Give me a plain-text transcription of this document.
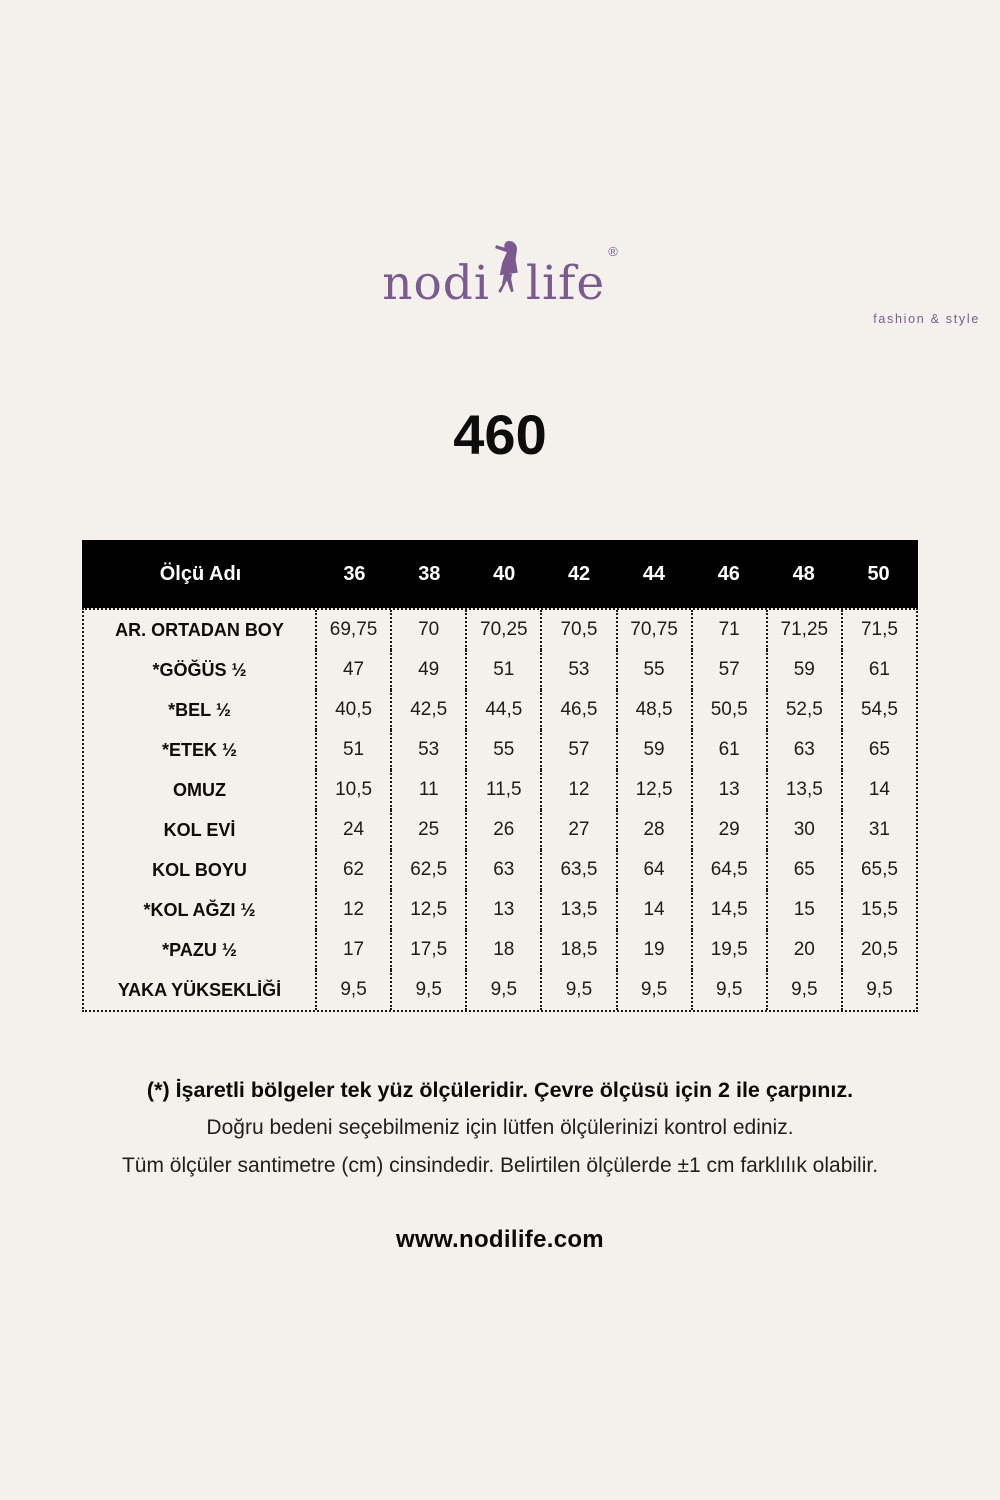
nodi life
®
fashion & style
460
Ölçü Adı	36	38	40	42	44	46	48	50
AR. ORTADAN BOY	69,75	70	70,25	70,5	70,75	71	71,25	71,5
*GÖĞÜS ½	47	49	51	53	55	57	59	61
*BEL ½	40,5	42,5	44,5	46,5	48,5	50,5	52,5	54,5
*ETEK ½	51	53	55	57	59	61	63	65
OMUZ	10,5	11	11,5	12	12,5	13	13,5	14
KOL EVİ	24	25	26	27	28	29	30	31
KOL BOYU	62	62,5	63	63,5	64	64,5	65	65,5
*KOL AĞZI ½	12	12,5	13	13,5	14	14,5	15	15,5
*PAZU ½	17	17,5	18	18,5	19	19,5	20	20,5
YAKA YÜKSEKLİĞİ	9,5	9,5	9,5	9,5	9,5	9,5	9,5	9,5
(*) İşaretli bölgeler tek yüz ölçüleridir. Çevre ölçüsü için 2 ile çarpınız.
Doğru bedeni seçebilmeniz için lütfen ölçülerinizi kontrol ediniz.
Tüm ölçüler santimetre (cm) cinsindedir. Belirtilen ölçülerde ±1 cm farklılık olabilir.
www.nodilife.com
